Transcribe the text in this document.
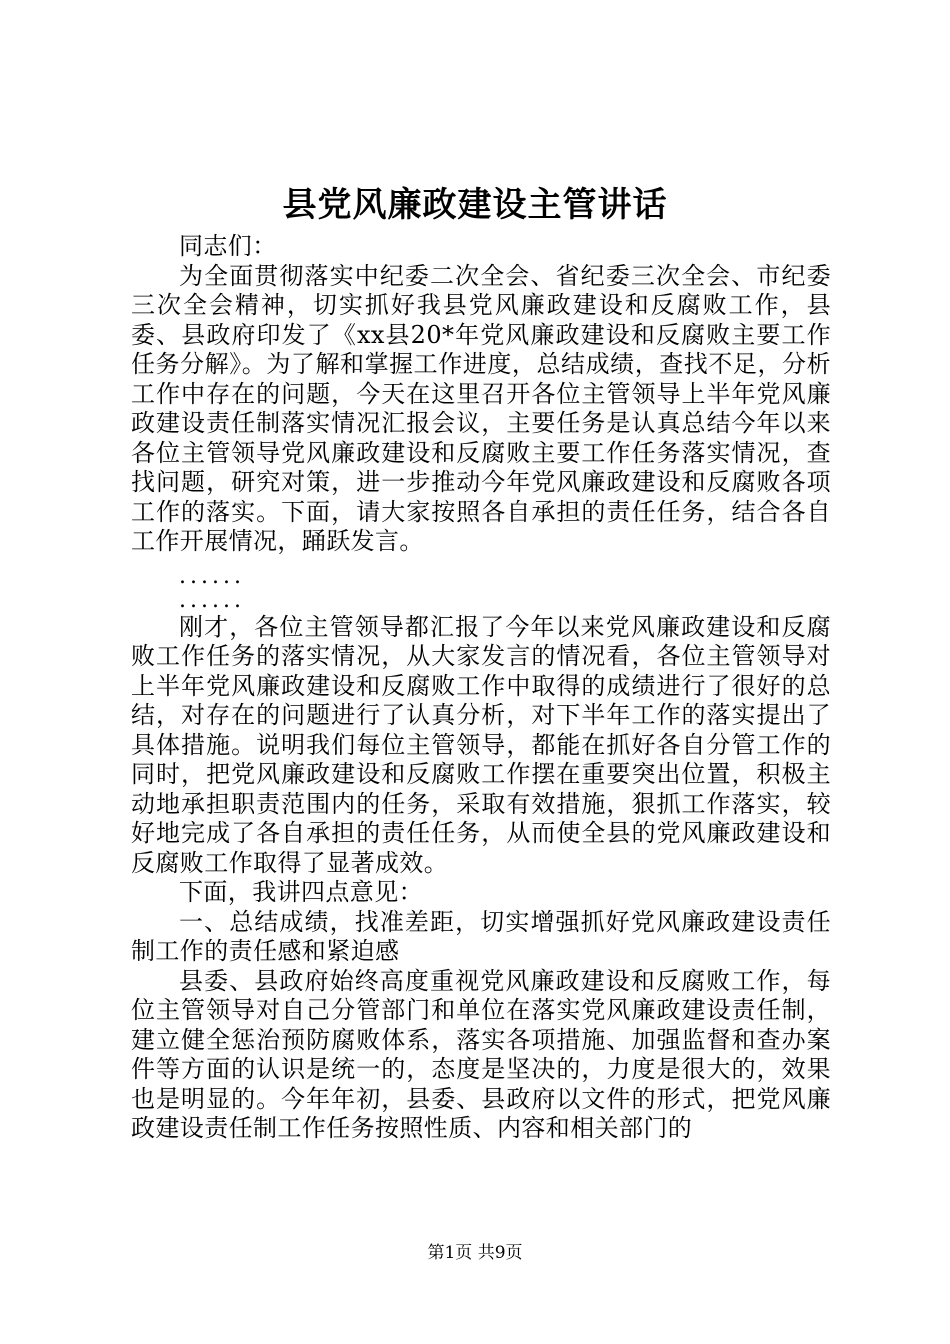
县党风廉政建设主管讲话

同志们：

为全面贯彻落实中纪委二次全会、省纪委三次全会、市纪委三次全会精神，切实抓好我县党风廉政建设和反腐败工作，县委、县政府印发了《xx县20*年党风廉政建设和反腐败主要工作任务分解》。为了解和掌握工作进度，总结成绩，查找不足，分析工作中存在的问题，今天在这里召开各位主管领导上半年党风廉政建设责任制落实情况汇报会议，主要任务是认真总结今年以来各位主管领导党风廉政建设和反腐败主要工作任务落实情况，查找问题，研究对策，进一步推动今年党风廉政建设和反腐败各项工作的落实。下面，请大家按照各自承担的责任任务，结合各自工作开展情况，踊跃发言。

......

......

刚才，各位主管领导都汇报了今年以来党风廉政建设和反腐败工作任务的落实情况，从大家发言的情况看，各位主管领导对上半年党风廉政建设和反腐败工作中取得的成绩进行了很好的总结，对存在的问题进行了认真分析，对下半年工作的落实提出了具体措施。说明我们每位主管领导，都能在抓好各自分管工作的同时，把党风廉政建设和反腐败工作摆在重要突出位置，积极主动地承担职责范围内的任务，采取有效措施，狠抓工作落实，较好地完成了各自承担的责任任务，从而使全县的党风廉政建设和反腐败工作取得了显著成效。

下面，我讲四点意见：

一、总结成绩，找准差距，切实增强抓好党风廉政建设责任制工作的责任感和紧迫感

县委、县政府始终高度重视党风廉政建设和反腐败工作，每位主管领导对自己分管部门和单位在落实党风廉政建设责任制，建立健全惩治预防腐败体系，落实各项措施、加强监督和查办案件等方面的认识是统一的，态度是坚决的，力度是很大的，效果也是明显的。今年年初，县委、县政府以文件的形式，把党风廉政建设责任制工作任务按照性质、内容和相关部门的

第1页 共9页
